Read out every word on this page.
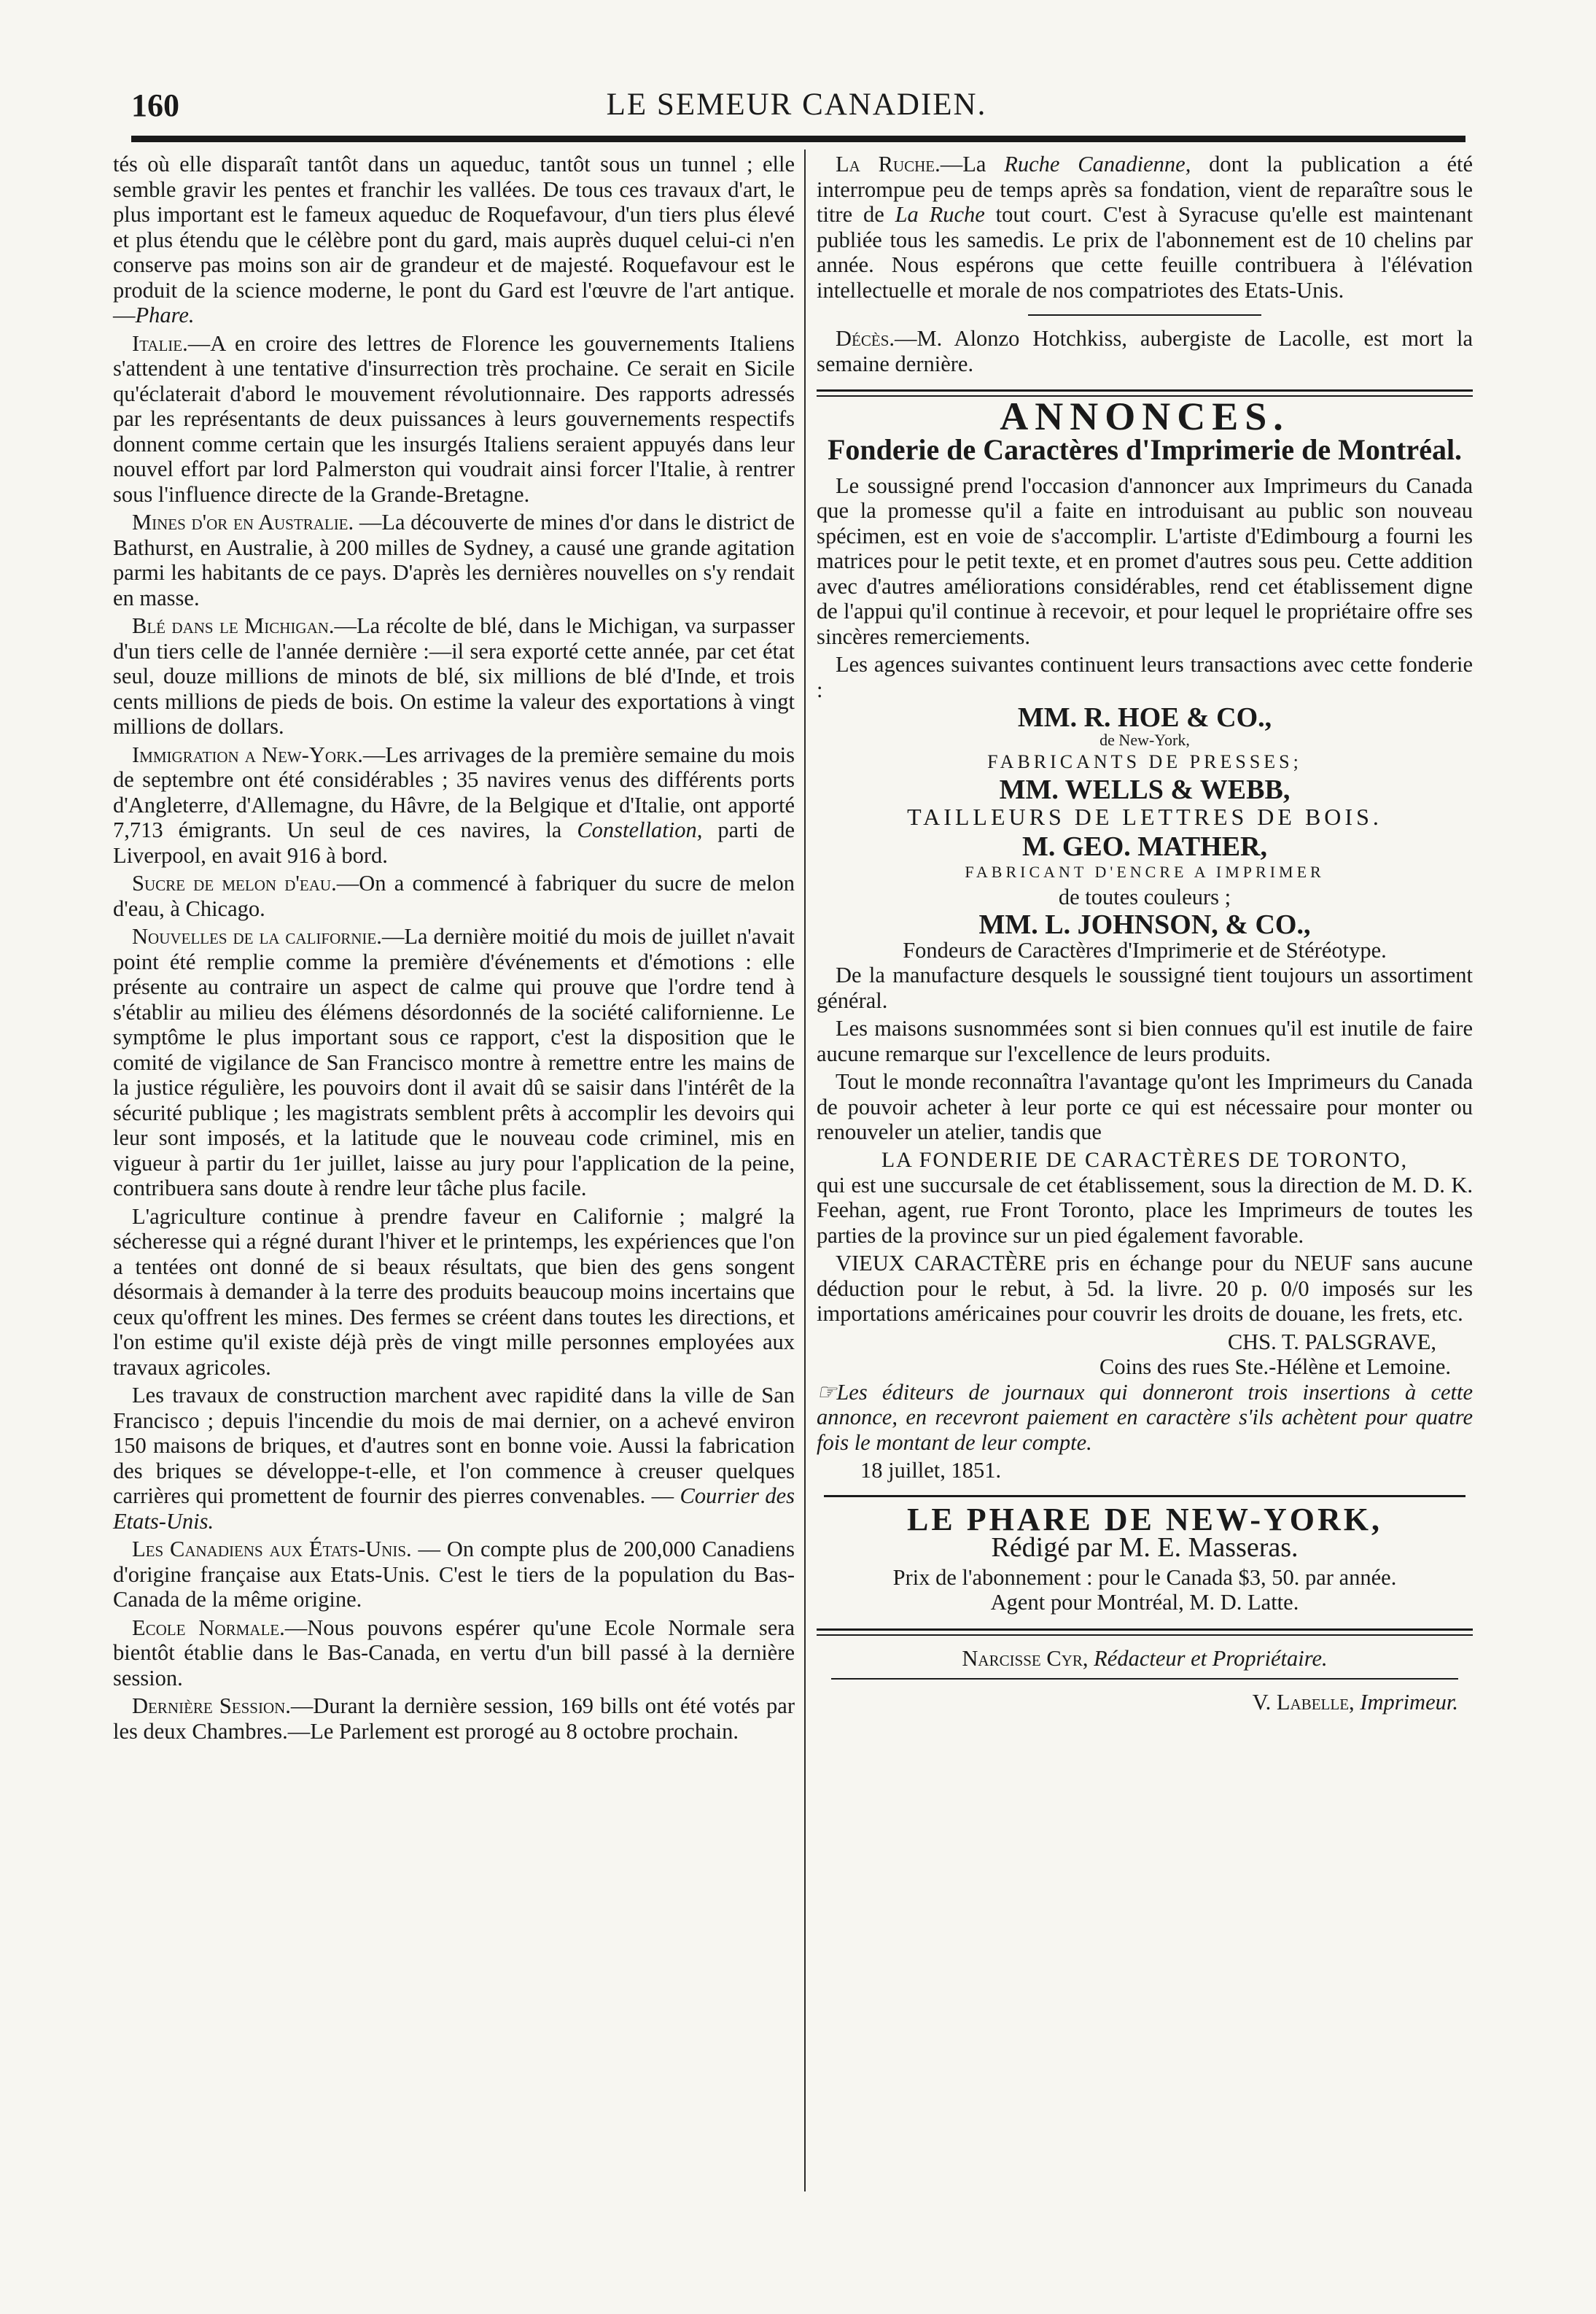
160	LE SEMEUR CANADIEN.

tés où elle disparaît tantôt dans un aqueduc, tantôt sous un tunnel ; elle semble gravir les pentes et franchir les vallées. De tous ces travaux d'art, le plus important est le fameux aqueduc de Roquefavour, d'un tiers plus élevé et plus étendu que le célèbre pont du gard, mais auprès duquel celui-ci n'en conserve pas moins son air de grandeur et de majesté. Roquefavour est le produit de la science moderne, le pont du Gard est l'œuvre de l'art antique.—Phare.

Italie.—A en croire des lettres de Florence les gouvernements Italiens s'attendent à une tentative d'insurrection très prochaine. Ce serait en Sicile qu'éclaterait d'abord le mouvement révolutionnaire. Des rapports adressés par les représentants de deux puissances à leurs gouvernements respectifs donnent comme certain que les insurgés Italiens seraient appuyés dans leur nouvel effort par lord Palmerston qui voudrait ainsi forcer l'Italie, à rentrer sous l'influence directe de la Grande-Bretagne.

Mines d'or en Australie. —La découverte de mines d'or dans le district de Bathurst, en Australie, à 200 milles de Sydney, a causé une grande agitation parmi les habitants de ce pays. D'après les dernières nouvelles on s'y rendait en masse.

Blé dans le Michigan.—La récolte de blé, dans le Michigan, va surpasser d'un tiers celle de l'année dernière :—il sera exporté cette année, par cet état seul, douze millions de minots de blé, six millions de blé d'Inde, et trois cents millions de pieds de bois. On estime la valeur des exportations à vingt millions de dollars.

Immigration a New-York.—Les arrivages de la première semaine du mois de septembre ont été considérables ; 35 navires venus des différents ports d'Angleterre, d'Allemagne, du Hâvre, de la Belgique et d'Italie, ont apporté 7,713 émigrants. Un seul de ces navires, la Constellation, parti de Liverpool, en avait 916 à bord.

Sucre de melon d'eau.—On a commencé à fabriquer du sucre de melon d'eau, à Chicago.

Nouvelles de la californie.—La dernière moitié du mois de juillet n'avait point été remplie comme la première d'événements et d'émotions : elle présente au contraire un aspect de calme qui prouve que l'ordre tend à s'établir au milieu des élémens désordonnés de la société californienne. Le symptôme le plus important sous ce rapport, c'est la disposition que le comité de vigilance de San Francisco montre à remettre entre les mains de la justice régulière, les pouvoirs dont il avait dû se saisir dans l'intérêt de la sécurité publique ; les magistrats semblent prêts à accomplir les devoirs qui leur sont imposés, et la latitude que le nouveau code criminel, mis en vigueur à partir du 1er juillet, laisse au jury pour l'application de la peine, contribuera sans doute à rendre leur tâche plus facile.

L'agriculture continue à prendre faveur en Californie ; malgré la sécheresse qui a régné durant l'hiver et le printemps, les expériences que l'on a tentées ont donné de si beaux résultats, que bien des gens songent désormais à demander à la terre des produits beaucoup moins incertains que ceux qu'offrent les mines. Des fermes se créent dans toutes les directions, et l'on estime qu'il existe déjà près de vingt mille personnes employées aux travaux agricoles.

Les travaux de construction marchent avec rapidité dans la ville de San Francisco ; depuis l'incendie du mois de mai dernier, on a achevé environ 150 maisons de briques, et d'autres sont en bonne voie. Aussi la fabrication des briques se développe-t-elle, et l'on commence à creuser quelques carrières qui promettent de fournir des pierres convenables. — Courrier des Etats-Unis.

Les Canadiens aux États-Unis. — On compte plus de 200,000 Canadiens d'origine française aux Etats-Unis. C'est le tiers de la population du Bas-Canada de la même origine.

Ecole Normale.—Nous pouvons espérer qu'une Ecole Normale sera bientôt établie dans le Bas-Canada, en vertu d'un bill passé à la dernière session.

Dernière Session.—Durant la dernière session, 169 bills ont été votés par les deux Chambres.—Le Parlement est prorogé au 8 octobre prochain.

La Ruche.—La Ruche Canadienne, dont la publication a été interrompue peu de temps après sa fondation, vient de reparaître sous le titre de La Ruche tout court. C'est à Syracuse qu'elle est maintenant publiée tous les samedis. Le prix de l'abonnement est de 10 chelins par année. Nous espérons que cette feuille contribuera à l'élévation intellectuelle et morale de nos compatriotes des Etats-Unis.

Décès.—M. Alonzo Hotchkiss, aubergiste de Lacolle, est mort la semaine dernière.

ANNONCES.
Fonderie de Caractères d'Imprimerie de Montréal.

Le soussigné prend l'occasion d'annoncer aux Imprimeurs du Canada que la promesse qu'il a faite en introduisant au public son nouveau spécimen, est en voie de s'accomplir. L'artiste d'Edimbourg a fourni les matrices pour le petit texte, et en promet d'autres sous peu. Cette addition avec d'autres améliorations considérables, rend cet établissement digne de l'appui qu'il continue à recevoir, et pour lequel le propriétaire offre ses sincères remerciements.

Les agences suivantes continuent leurs transactions avec cette fonderie :

MM. R. HOE & CO.,
de New-York,
FABRICANTS DE PRESSES;
MM. WELLS & WEBB,
TAILLEURS DE LETTRES DE BOIS.
M. GEO. MATHER,
FABRICANT D'ENCRE A IMPRIMER
de toutes couleurs ;
MM. L. JOHNSON, & CO.,
Fondeurs de Caractères d'Imprimerie et de Stéréotype.

De la manufacture desquels le soussigné tient toujours un assortiment général.

Les maisons susnommées sont si bien connues qu'il est inutile de faire aucune remarque sur l'excellence de leurs produits.

Tout le monde reconnaîtra l'avantage qu'ont les Imprimeurs du Canada de pouvoir acheter à leur porte ce qui est nécessaire pour monter ou renouveler un atelier, tandis que

LA FONDERIE DE CARACTÈRES DE TORONTO,

qui est une succursale de cet établissement, sous la direction de M. D. K. Feehan, agent, rue Front Toronto, place les Imprimeurs de toutes les parties de la province sur un pied également favorable.

VIEUX CARACTÈRE pris en échange pour du NEUF sans aucune déduction pour le rebut, à 5d. la livre. 20 p. 0/0 imposés sur les importations américaines pour couvrir les droits de douane, les frets, etc.

CHS. T. PALSGRAVE,
Coins des rues Ste.-Hélène et Lemoine.

☞Les éditeurs de journaux qui donneront trois insertions à cette annonce, en recevront paiement en caractère s'ils achètent pour quatre fois le montant de leur compte.

18 juillet, 1851.

LE PHARE DE NEW-YORK,
Rédigé par M. E. Masseras.
Prix de l'abonnement : pour le Canada $3, 50. par année.
Agent pour Montréal, M. D. Latte.
Narcisse Cyr, Rédacteur et Propriétaire.
V. Labelle, Imprimeur.
